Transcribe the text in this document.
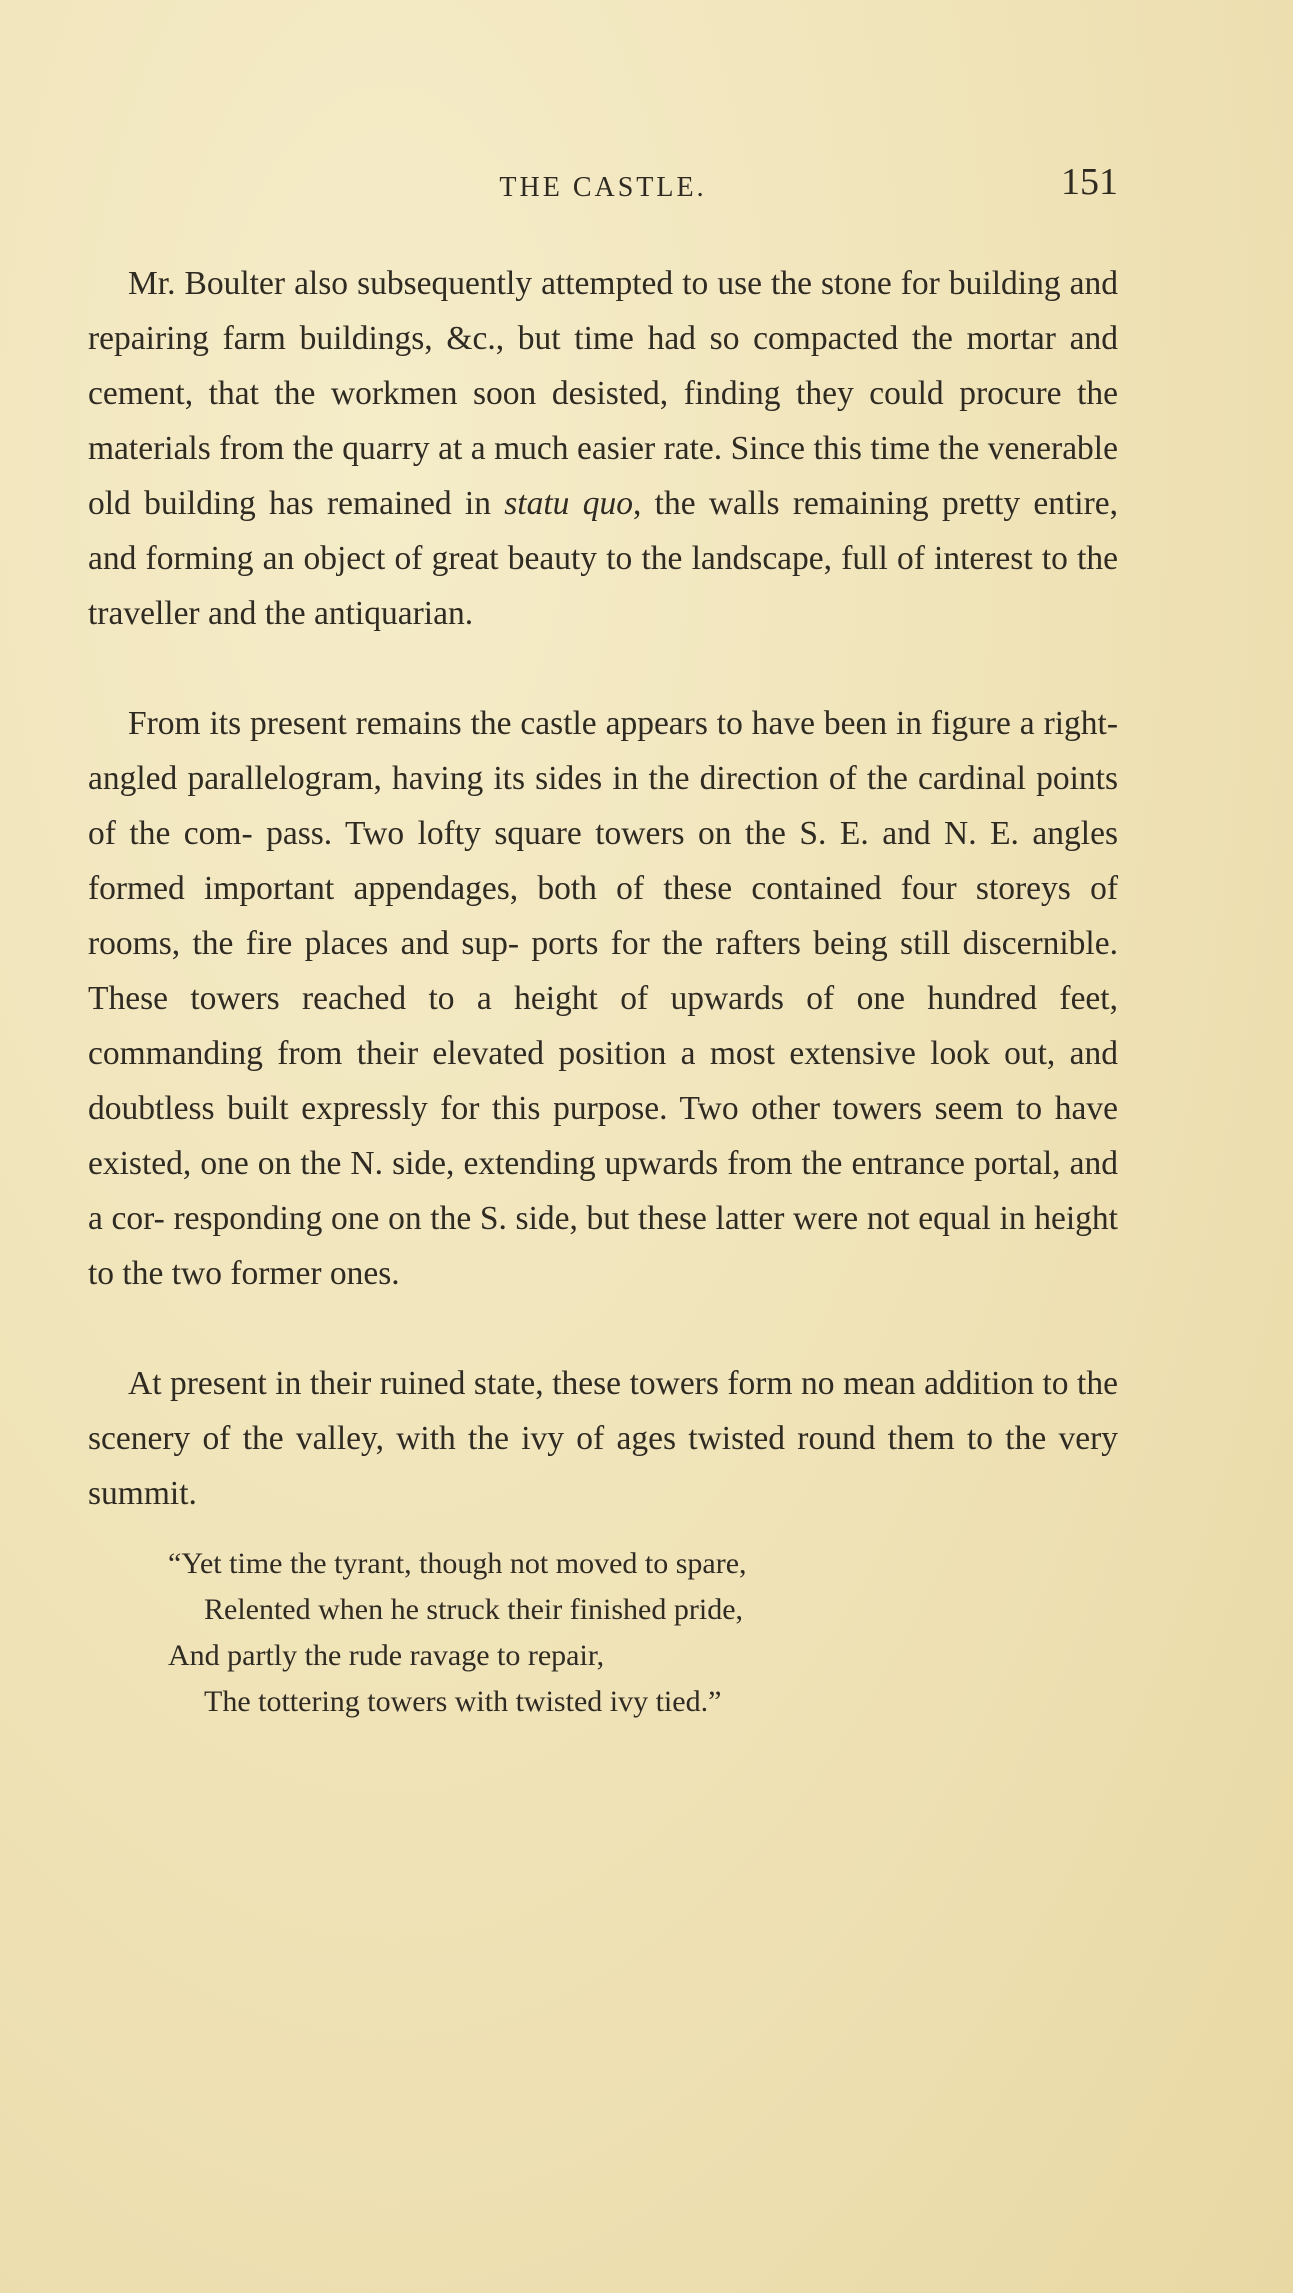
THE CASTLE.	151

Mr. Boulter also subsequently attempted to use the stone for building and repairing farm buildings, &c., but time had so compacted the mortar and cement, that the workmen soon desisted, finding they could procure the materials from the quarry at a much easier rate. Since this time the venerable old building has remained in statu quo, the walls remaining pretty entire, and forming an object of great beauty to the landscape, full of interest to the traveller and the antiquarian.

From its present remains the castle appears to have been in figure a right-angled parallelogram, having its sides in the direction of the cardinal points of the com- pass. Two lofty square towers on the S. E. and N. E. angles formed important appendages, both of these contained four storeys of rooms, the fire places and sup- ports for the rafters being still discernible. These towers reached to a height of upwards of one hundred feet, commanding from their elevated position a most extensive look out, and doubtless built expressly for this purpose. Two other towers seem to have existed, one on the N. side, extending upwards from the entrance portal, and a cor- responding one on the S. side, but these latter were not equal in height to the two former ones.

At present in their ruined state, these towers form no mean addition to the scenery of the valley, with the ivy of ages twisted round them to the very summit.

“Yet time the tyrant, though not moved to spare,
Relented when he struck their finished pride,
And partly the rude ravage to repair,
The tottering towers with twisted ivy tied.”
